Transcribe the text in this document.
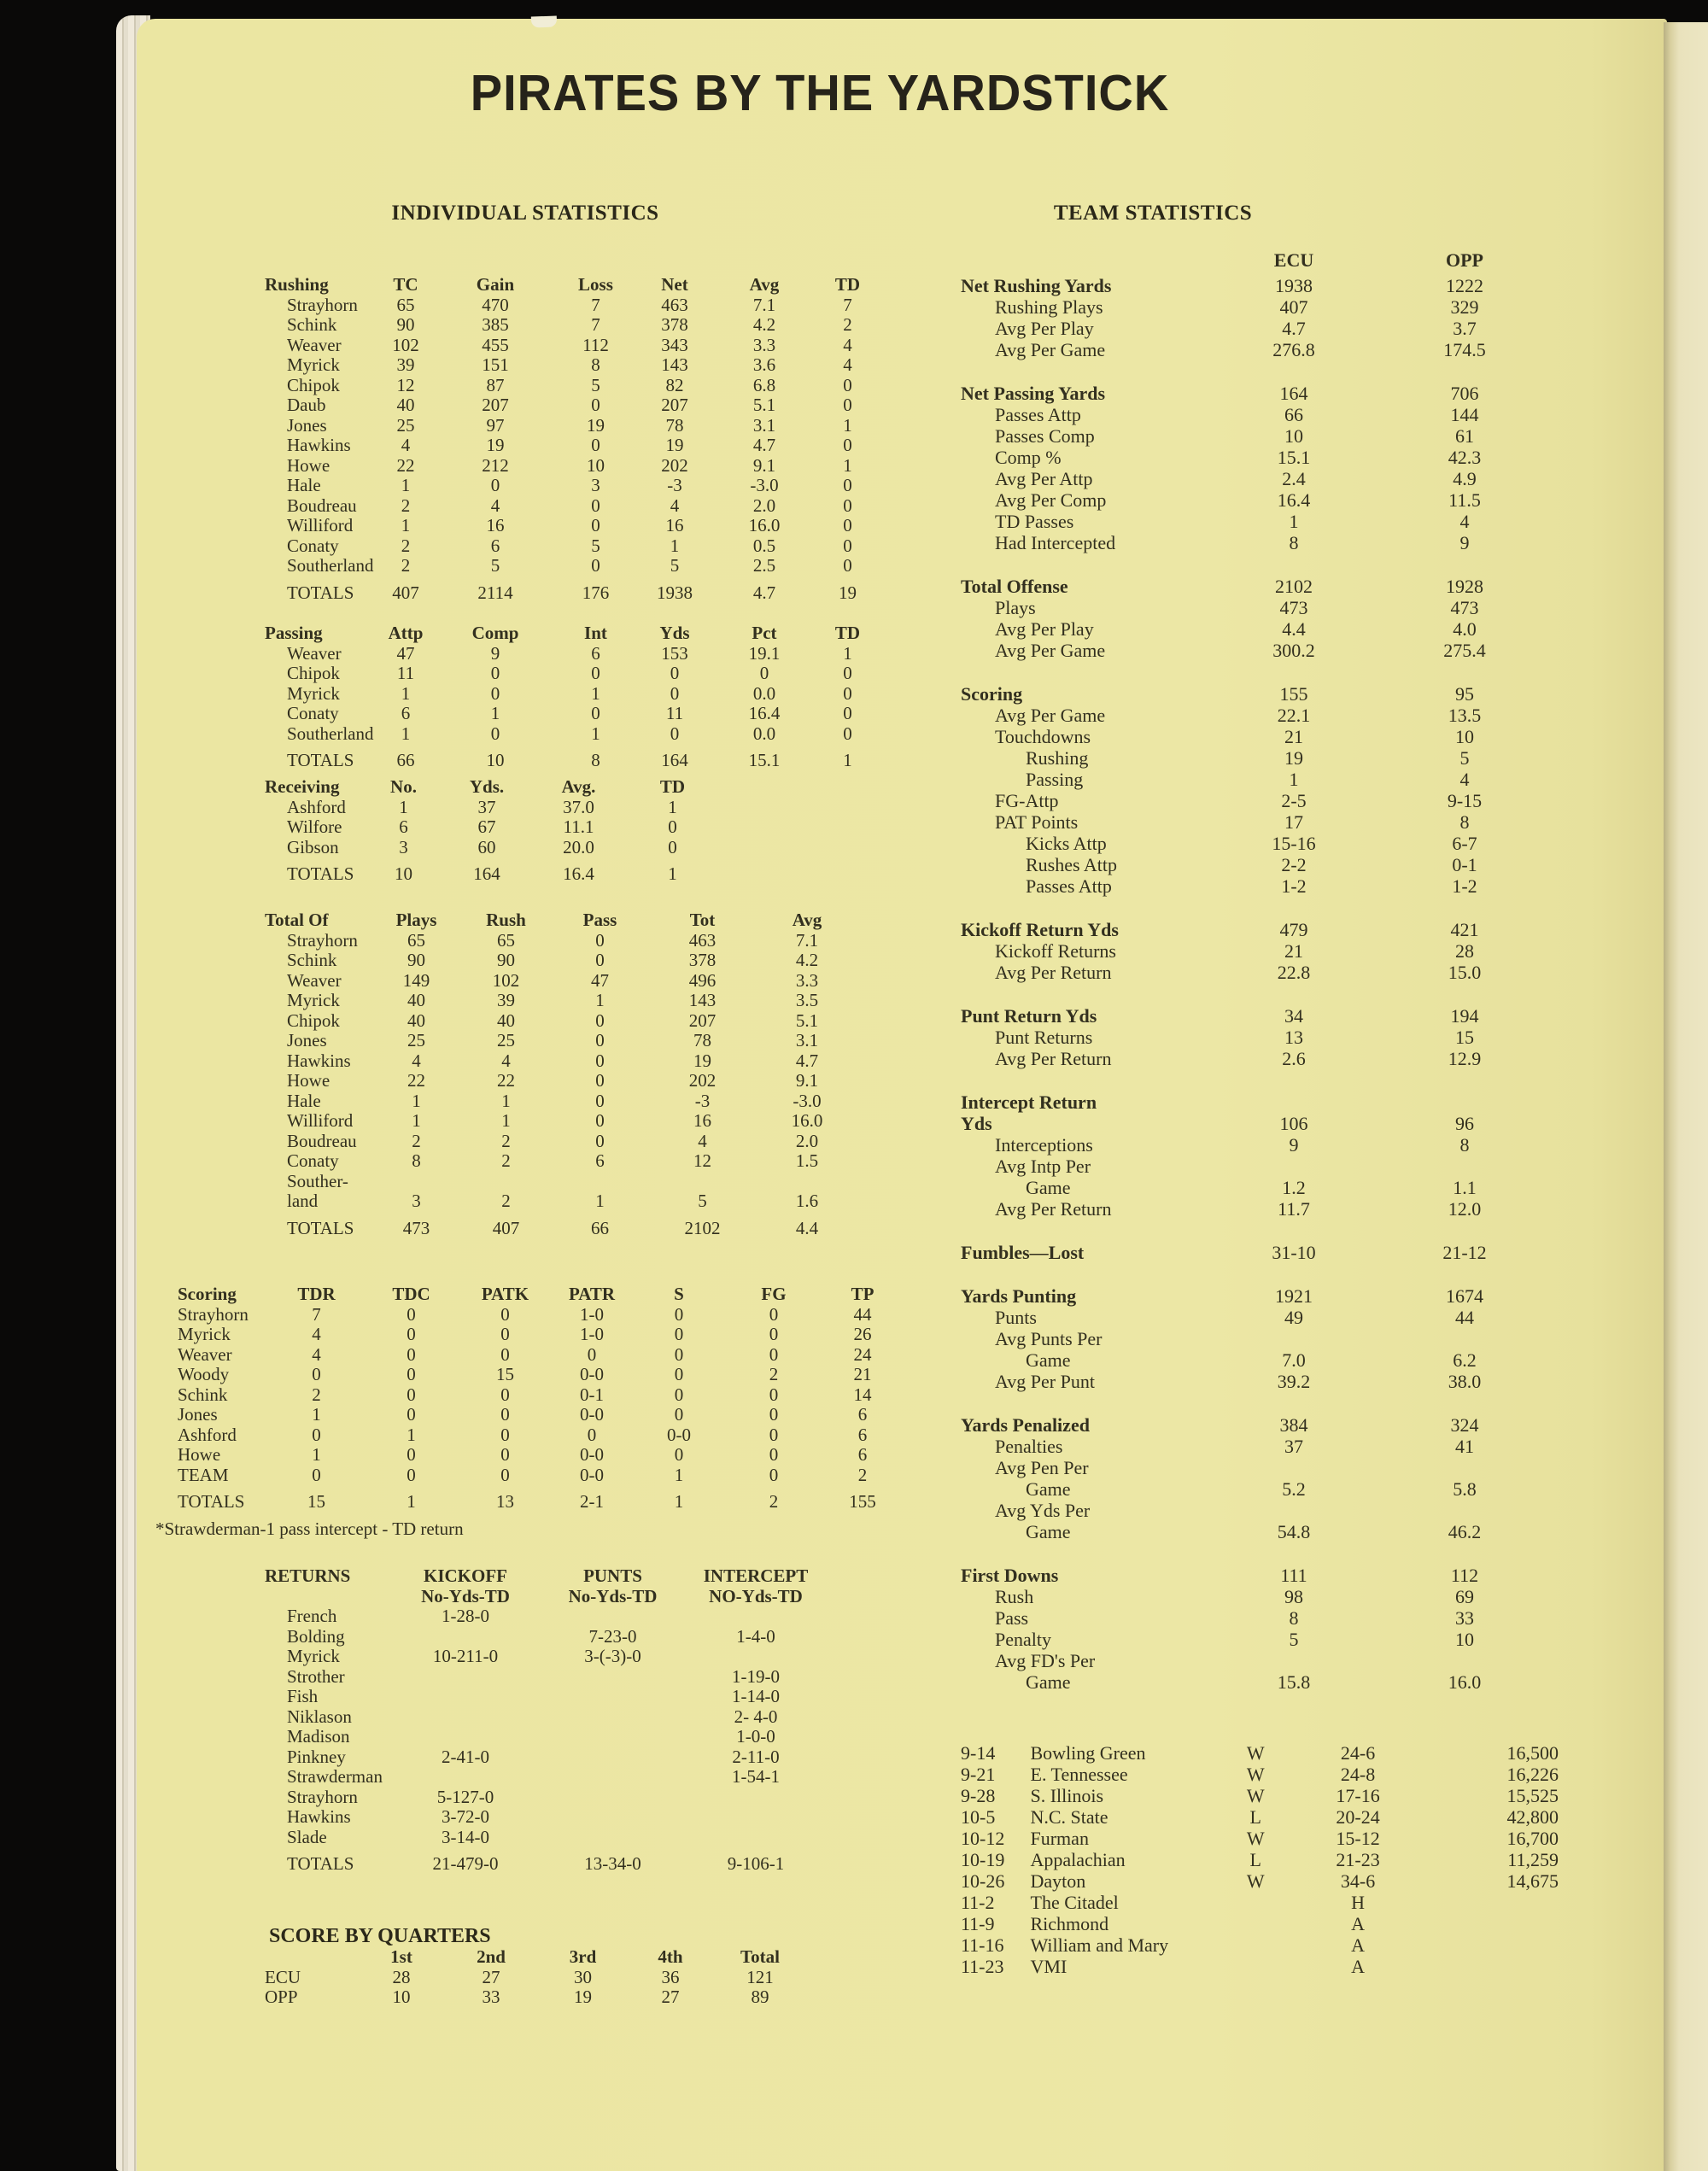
PIRATES BY THE YARDSTICK
INDIVIDUAL STATISTICS	TEAM STATISTICS
Rushing	TC	Gain	Loss	Net	Avg	TD
Strayhorn	65	470	7	463	7.1	7
Schink	90	385	7	378	4.2	2
Weaver	102	455	112	343	3.3	4
Myrick	39	151	8	143	3.6	4
Chipok	12	87	5	82	6.8	0
Daub	40	207	0	207	5.1	0
Jones	25	97	19	78	3.1	1
Hawkins	4	19	0	19	4.7	0
Howe	22	212	10	202	9.1	1
Hale	1	0	3	-3	-3.0	0
Boudreau	2	4	0	4	2.0	0
Williford	1	16	0	16	16.0	0
Conaty	2	6	5	1	0.5	0
Southerland	2	5	0	5	2.5	0
TOTALS	407	2114	176	1938	4.7	19
Passing	Attp	Comp	Int	Yds	Pct	TD
Weaver	47	9	6	153	19.1	1
Chipok	11	0	0	0	0	0
Myrick	1	0	1	0	0.0	0
Conaty	6	1	0	11	16.4	0
Southerland	1	0	1	0	0.0	0
TOTALS	66	10	8	164	15.1	1
Receiving	No.	Yds.	Avg.	TD
Ashford	1	37	37.0	1
Wilfore	6	67	11.1	0
Gibson	3	60	20.0	0
TOTALS	10	164	16.4	1
Total Of	Plays	Rush	Pass	Tot	Avg
Strayhorn	65	65	0	463	7.1
Schink	90	90	0	378	4.2
Weaver	149	102	47	496	3.3
Myrick	40	39	1	143	3.5
Chipok	40	40	0	207	5.1
Jones	25	25	0	78	3.1
Hawkins	4	4	0	19	4.7
Howe	22	22	0	202	9.1
Hale	1	1	0	-3	-3.0
Williford	1	1	0	16	16.0
Boudreau	2	2	0	4	2.0
Conaty	8	2	6	12	1.5
Souther-					
land	3	2	1	5	1.6
TOTALS	473	407	66	2102	4.4
Scoring	TDR	TDC	PATK	PATR	S	FG	TP
Strayhorn	7	0	0	1-0	0	0	44
Myrick	4	0	0	1-0	0	0	26
Weaver	4	0	0	0	0	0	24
Woody	0	0	15	0-0	0	2	21
Schink	2	0	0	0-1	0	0	14
Jones	1	0	0	0-0	0	0	6
Ashford	0	1	0	0	0-0	0	6
Howe	1	0	0	0-0	0	0	6
TEAM	0	0	0	0-0	1	0	2
TOTALS	15	1	13	2-1	1	2	155
*Strawderman-1 pass intercept - TD return
RETURNS	KICKOFF	PUNTS	INTERCEPT
	No-Yds-TD	No-Yds-TD	NO-Yds-TD
French	1-28-0		
Bolding		7-23-0	1-4-0
Myrick	10-211-0	3-(-3)-0	
Strother			1-19-0
Fish			1-14-0
Niklason			2- 4-0
Madison			1-0-0
Pinkney	2-41-0		2-11-0
Strawderman			1-54-1
Strayhorn	5-127-0		
Hawkins	3-72-0		
Slade	3-14-0		
TOTALS	21-479-0	13-34-0	9-106-1
SCORE BY QUARTERS
	1st	2nd	3rd	4th	Total
ECU	28	27	30	36	121
OPP	10	33	19	27	89
ECU	OPP
Net Rushing Yards	1938	1222
Rushing Plays	407	329
Avg Per Play	4.7	3.7
Avg Per Game	276.8	174.5
Net Passing Yards	164	706
Passes Attp	66	144
Passes Comp	10	61
Comp %	15.1	42.3
Avg Per Attp	2.4	4.9
Avg Per Comp	16.4	11.5
TD Passes	1	4
Had Intercepted	8	9
Total Offense	2102	1928
Plays	473	473
Avg Per Play	4.4	4.0
Avg Per Game	300.2	275.4
Scoring	155	95
Avg Per Game	22.1	13.5
Touchdowns	21	10
Rushing	19	5
Passing	1	4
FG-Attp	2-5	9-15
PAT Points	17	8
Kicks Attp	15-16	6-7
Rushes Attp	2-2	0-1
Passes Attp	1-2	1-2
Kickoff Return Yds	479	421
Kickoff Returns	21	28
Avg Per Return	22.8	15.0
Punt Return Yds	34	194
Punt Returns	13	15
Avg Per Return	2.6	12.9
Intercept Return
Yds	106	96
Interceptions	9	8
Avg Intp Per
Game	1.2	1.1
Avg Per Return	11.7	12.0
Fumbles—Lost	31-10	21-12
Yards Punting	1921	1674
Punts	49	44
Avg Punts Per
Game	7.0	6.2
Avg Per Punt	39.2	38.0
Yards Penalized	384	324
Penalties	37	41
Avg Pen Per
Game	5.2	5.8
Avg Yds Per
Game	54.8	46.2
First Downs	111	112
Rush	98	69
Pass	8	33
Penalty	5	10
Avg FD's Per
Game	15.8	16.0
9-14	Bowling Green	W	24-6	16,500
9-21	E. Tennessee	W	24-8	16,226
9-28	S. Illinois	W	17-16	15,525
10-5	N.C. State	L	20-24	42,800
10-12	Furman	W	15-12	16,700
10-19	Appalachian	L	21-23	11,259
10-26	Dayton	W	34-6	14,675
11-2	The Citadel	H
11-9	Richmond	A
11-16	William and Mary	A
11-23	VMI	A
